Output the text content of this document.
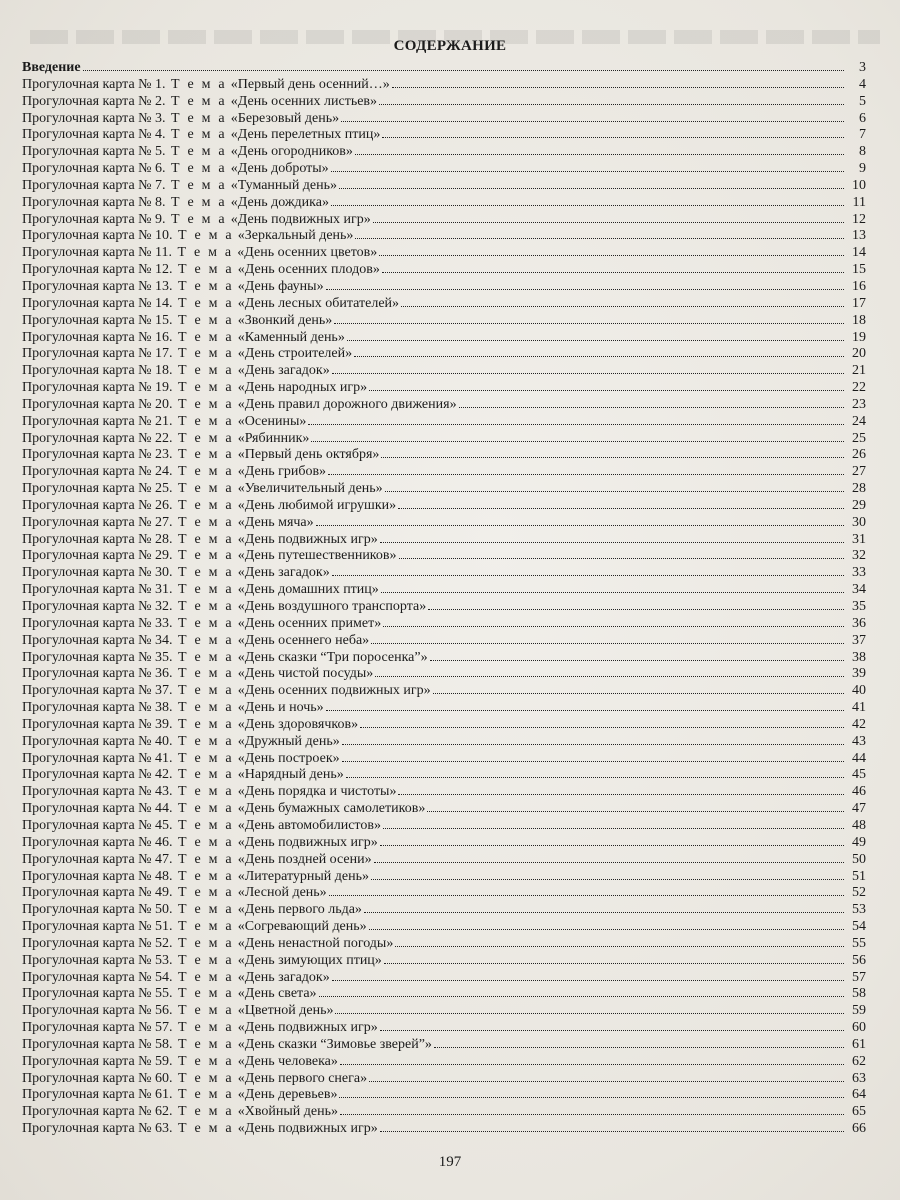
СОДЕРЖАНИЕ
Введение	3
Прогулочная карта № 1. Т е м а «Первый день осенний…»	4
Прогулочная карта № 2. Т е м а «День осенних листьев»	5
Прогулочная карта № 3. Т е м а «Березовый день»	6
Прогулочная карта № 4. Т е м а «День перелетных птиц»	7
Прогулочная карта № 5. Т е м а «День огородников»	8
Прогулочная карта № 6. Т е м а «День доброты»	9
Прогулочная карта № 7. Т е м а «Туманный день»	10
Прогулочная карта № 8. Т е м а «День дождика»	11
Прогулочная карта № 9. Т е м а «День подвижных игр»	12
Прогулочная карта № 10. Т е м а «Зеркальный день»	13
Прогулочная карта № 11. Т е м а «День осенних цветов»	14
Прогулочная карта № 12. Т е м а «День осенних плодов»	15
Прогулочная карта № 13. Т е м а «День фауны»	16
Прогулочная карта № 14. Т е м а «День лесных обитателей»	17
Прогулочная карта № 15. Т е м а «Звонкий день»	18
Прогулочная карта № 16. Т е м а «Каменный день»	19
Прогулочная карта № 17. Т е м а «День строителей»	20
Прогулочная карта № 18. Т е м а «День загадок»	21
Прогулочная карта № 19. Т е м а «День народных игр»	22
Прогулочная карта № 20. Т е м а «День правил дорожного движения»	23
Прогулочная карта № 21. Т е м а «Осенины»	24
Прогулочная карта № 22. Т е м а «Рябинник»	25
Прогулочная карта № 23. Т е м а «Первый день октября»	26
Прогулочная карта № 24. Т е м а «День грибов»	27
Прогулочная карта № 25. Т е м а «Увеличительный день»	28
Прогулочная карта № 26. Т е м а «День любимой игрушки»	29
Прогулочная карта № 27. Т е м а «День мяча»	30
Прогулочная карта № 28. Т е м а «День подвижных игр»	31
Прогулочная карта № 29. Т е м а «День путешественников»	32
Прогулочная карта № 30. Т е м а «День загадок»	33
Прогулочная карта № 31. Т е м а «День домашних птиц»	34
Прогулочная карта № 32. Т е м а «День воздушного транспорта»	35
Прогулочная карта № 33. Т е м а «День осенних примет»	36
Прогулочная карта № 34. Т е м а «День осеннего неба»	37
Прогулочная карта № 35. Т е м а «День сказки “Три поросенка”»	38
Прогулочная карта № 36. Т е м а «День чистой посуды»	39
Прогулочная карта № 37. Т е м а «День осенних подвижных игр»	40
Прогулочная карта № 38. Т е м а «День и ночь»	41
Прогулочная карта № 39. Т е м а «День здоровячков»	42
Прогулочная карта № 40. Т е м а «Дружный день»	43
Прогулочная карта № 41. Т е м а «День построек»	44
Прогулочная карта № 42. Т е м а «Нарядный день»	45
Прогулочная карта № 43. Т е м а «День порядка и чистоты»	46
Прогулочная карта № 44. Т е м а «День бумажных самолетиков»	47
Прогулочная карта № 45. Т е м а «День автомобилистов»	48
Прогулочная карта № 46. Т е м а «День подвижных игр»	49
Прогулочная карта № 47. Т е м а «День поздней осени»	50
Прогулочная карта № 48. Т е м а «Литературный день»	51
Прогулочная карта № 49. Т е м а «Лесной день»	52
Прогулочная карта № 50. Т е м а «День первого льда»	53
Прогулочная карта № 51. Т е м а «Согревающий день»	54
Прогулочная карта № 52. Т е м а «День ненастной погоды»	55
Прогулочная карта № 53. Т е м а «День зимующих птиц»	56
Прогулочная карта № 54. Т е м а «День загадок»	57
Прогулочная карта № 55. Т е м а «День света»	58
Прогулочная карта № 56. Т е м а «Цветной день»	59
Прогулочная карта № 57. Т е м а «День подвижных игр»	60
Прогулочная карта № 58. Т е м а «День сказки “Зимовье зверей”»	61
Прогулочная карта № 59. Т е м а «День человека»	62
Прогулочная карта № 60. Т е м а «День первого снега»	63
Прогулочная карта № 61. Т е м а «День деревьев»	64
Прогулочная карта № 62. Т е м а «Хвойный день»	65
Прогулочная карта № 63. Т е м а «День подвижных игр»	66
197
